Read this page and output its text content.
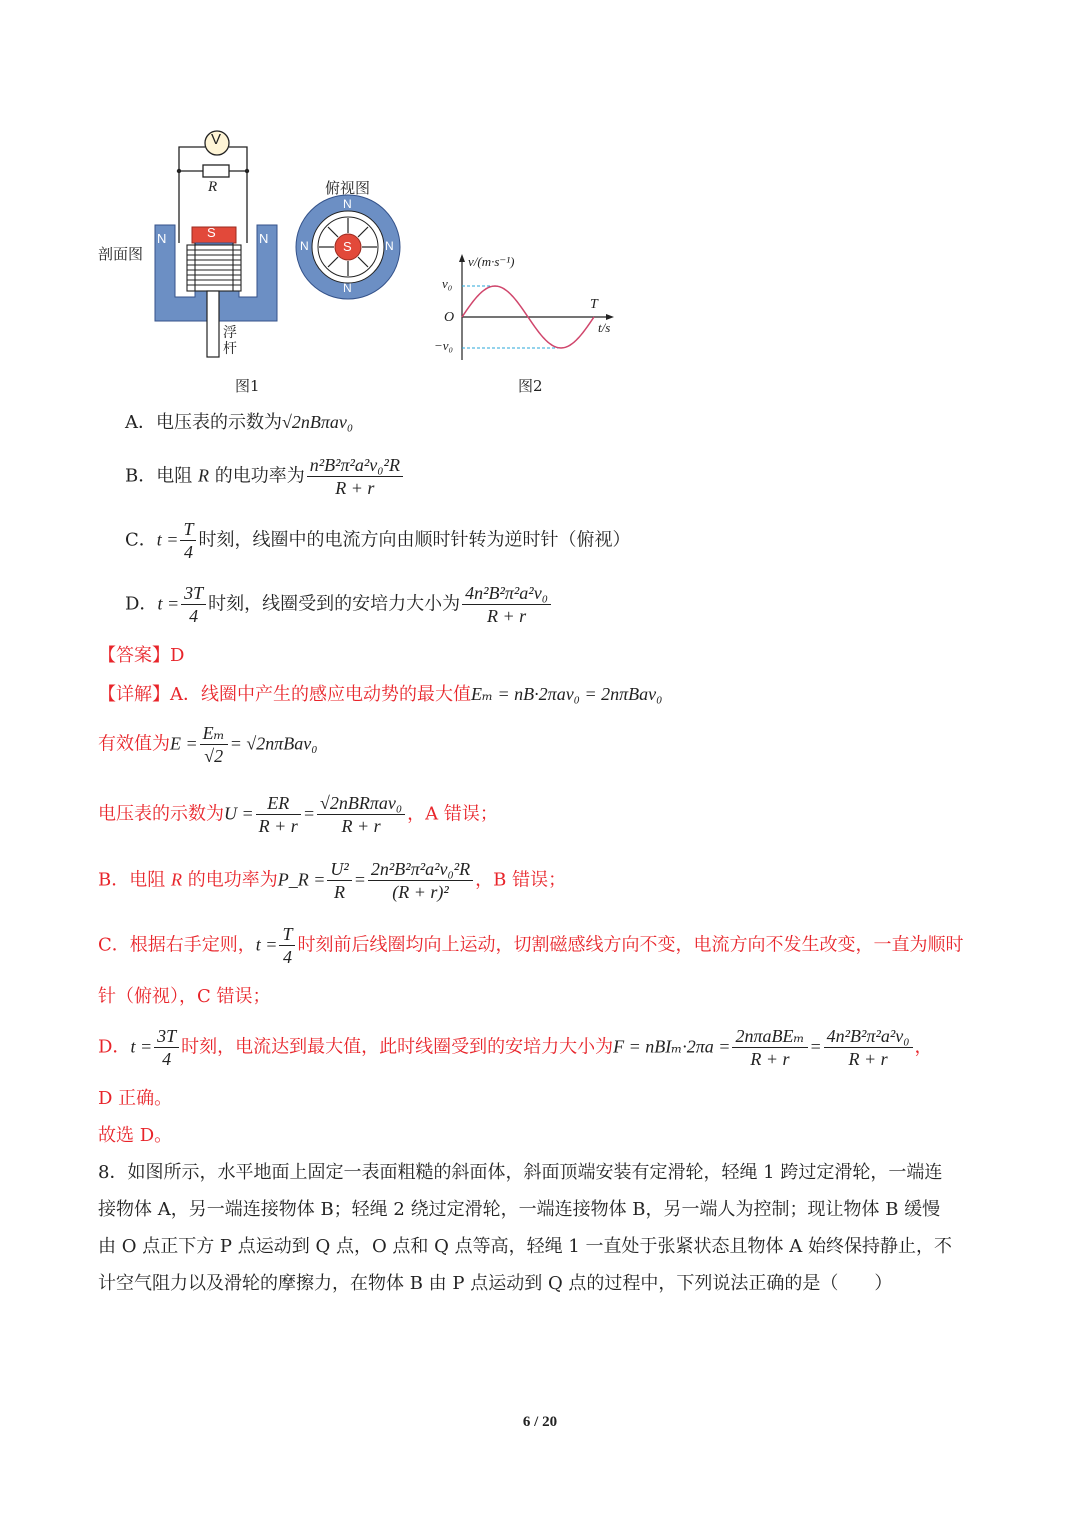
V
R
剖面图
俯视图
S
N	N
S
N
N
N	N
浮
杆
图1
v/(m·s⁻¹)
v₀
O
−v₀
T
t/s
图2
A．电压表的示数为√2nBπav₀
B．电阻 R 的电功率为 $\frac{\text{n²B²π²a²v₀²R}}{R + r}$
C．$t = \frac{T}{4}$ 时刻，线圈中的电流方向由顺时针转为逆时针（俯视）
D．$t = \frac{3T}{4}$ 时刻，线圈受到的安培力大小为 $\frac{\text{4n²B²π²a²v₀}}{R + r}$
【答案】D
【详解】A．线圈中产生的感应电动势的最大值Eₘ = nB·2πav₀ = 2nπBav₀
有效值为$E = \frac{\text{Eₘ}}{√2} = √2n\pi Bav_0$
电压表的示数为$U = \frac{ER}{R + r} = \frac{\text{√2nBRπav₀}}{R + r}$ ，A 错误；
B．电阻 R 的电功率为P_R = $\frac{\text{U²}}{R} = \frac{\text{2n²B²π²a²v₀²R}}{\text{(R + r)²}}$ ，B 错误；
C．根据右手定则，$t = \frac{T}{4}$ 时刻前后线圈均向上运动，切割磁感线方向不变，电流方向不发生改变，一直为顺时
针（俯视），C 错误；
D．$t = \frac{3T}{4}$ 时刻，电流达到最大值，此时线圈受到的安培力大小为$F = nBI_m\cdot 2\pi a = \frac{\text{2nπaBEₘ}}{R + r} = \frac{\text{4n²B²π²a²v₀}}{R + r}$ ，
D 正确。
故选 D。
8．如图所示，水平地面上固定一表面粗糙的斜面体，斜面顶端安装有定滑轮，轻绳 1 跨过定滑轮，一端连
接物体 A，另一端连接物体 B；轻绳 2 绕过定滑轮，一端连接物体 B，另一端人为控制；现让物体 B 缓慢
由 O 点正下方 P 点运动到 Q 点，O 点和 Q 点等高，轻绳 1 一直处于张紧状态且物体 A 始终保持静止，不
计空气阻力以及滑轮的摩擦力，在物体 B 由 P 点运动到 Q 点的过程中，下列说法正确的是（　　）
6 / 20
